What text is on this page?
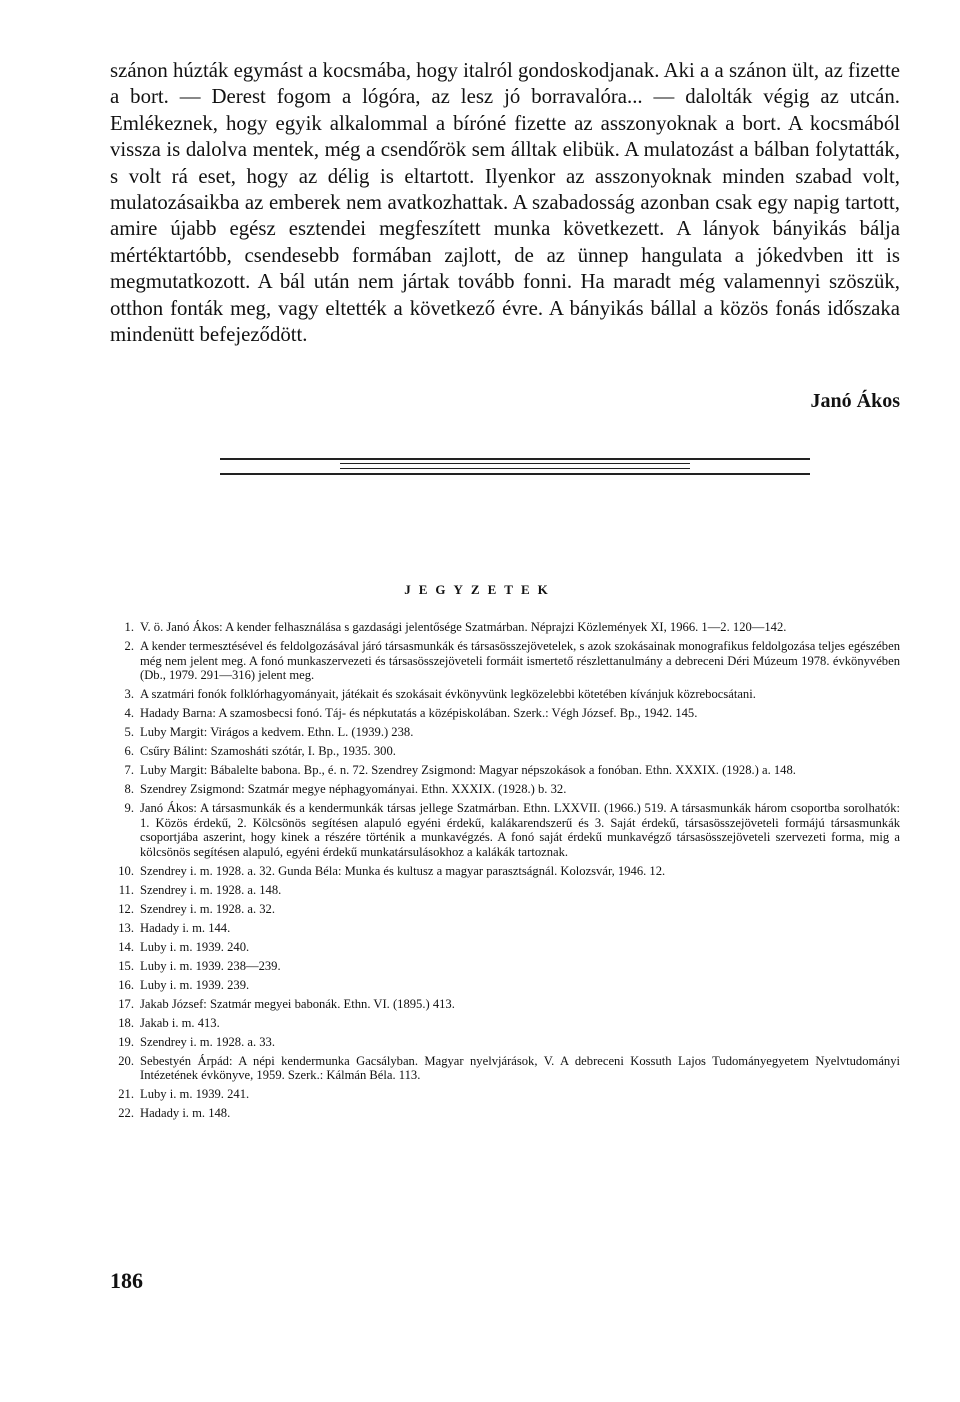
szánon húzták egymást a kocsmába, hogy italról gondoskodjanak. Aki a a szánon ült, az fizette a bort. — Derest fogom a lógóra, az lesz jó borravalóra... — dalolták végig az utcán. Emlékeznek, hogy egyik alkalommal a bíróné fizette az asszonyoknak a bort. A kocsmából vissza is dalolva mentek, még a csendőrök sem álltak elibük. A mulatozást a bálban folytatták, s volt rá eset, hogy az délig is eltartott. Ilyenkor az asszonyoknak minden szabad volt, mulatozásaikba az emberek nem avatkozhattak. A szabadosság azonban csak egy napig tartott, amire újabb egész esztendei megfeszített munka következett. A lányok bányikás bálja mértéktartóbb, csendesebb formában zajlott, de az ünnep hangulata a jókedvben itt is megmutatkozott. A bál után nem jártak tovább fonni. Ha maradt még valamennyi szöszük, otthon fonták meg, vagy eltették a következő évre. A bányikás bállal a közös fonás időszaka mindenütt befejeződött.

Janó Ákos
JEGYZETEK
1. V. ö. Janó Ákos: A kender felhasználása s gazdasági jelentősége Szatmárban. Néprajzi Közlemények XI, 1966. 1—2. 120—142.
2. A kender termesztésével és feldolgozásával járó társasmunkák és társasösszejövetelek, s azok szokásainak monografikus feldolgozása teljes egészében még nem jelent meg. A fonó munkaszervezeti és társasösszejöveteli formáit ismertető részlettanulmány a debreceni Déri Múzeum 1978. évkönyvében (Db., 1979. 291—316) jelent meg.
3. A szatmári fonók folklórhagyományait, játékait és szokásait évkönyvünk legközelebbi kötetében kívánjuk közrebocsátani.
4. Hadady Barna: A szamosbecsi fonó. Táj- és népkutatás a középiskolában. Szerk.: Végh József. Bp., 1942. 145.
5. Luby Margit: Virágos a kedvem. Ethn. L. (1939.) 238.
6. Csűry Bálint: Szamosháti szótár, I. Bp., 1935. 300.
7. Luby Margit: Bábalelte babona. Bp., é. n. 72. Szendrey Zsigmond: Magyar népszokások a fonóban. Ethn. XXXIX. (1928.) a. 148.
8. Szendrey Zsigmond: Szatmár megye néphagyományai. Ethn. XXXIX. (1928.) b. 32.
9. Janó Ákos: A társasmunkák és a kendermunkák társas jellege Szatmárban. Ethn. LXXVII. (1966.) 519. A társasmunkák három csoportba sorolhatók: 1. Közös érdekű, 2. Kölcsönös segítésen alapuló egyéni érdekű, kalákarendszerű és 3. Saját érdekű, társasösszejöveteli formájú társasmunkák csoportjába aszerint, hogy kinek a részére történik a munkavégzés. A fonó saját érdekű munkavégző társasösszejöveteli szervezeti forma, mig a kölcsönös segítésen alapuló, egyéni érdekű munkatársulásokhoz a kalákák tartoznak.
10. Szendrey i. m. 1928. a. 32. Gunda Béla: Munka és kultusz a magyar parasztságnál. Kolozsvár, 1946. 12.
11. Szendrey i. m. 1928. a. 148.
12. Szendrey i. m. 1928. a. 32.
13. Hadady i. m. 144.
14. Luby i. m. 1939. 240.
15. Luby i. m. 1939. 238—239.
16. Luby i. m. 1939. 239.
17. Jakab József: Szatmár megyei babonák. Ethn. VI. (1895.) 413.
18. Jakab i. m. 413.
19. Szendrey i. m. 1928. a. 33.
20. Sebestyén Árpád: A népi kendermunka Gacsályban. Magyar nyelvjárások, V. A debreceni Kossuth Lajos Tudományegyetem Nyelvtudományi Intézetének évkönyve, 1959. Szerk.: Kálmán Béla. 113.
21. Luby i. m. 1939. 241.
22. Hadady i. m. 148.
186
